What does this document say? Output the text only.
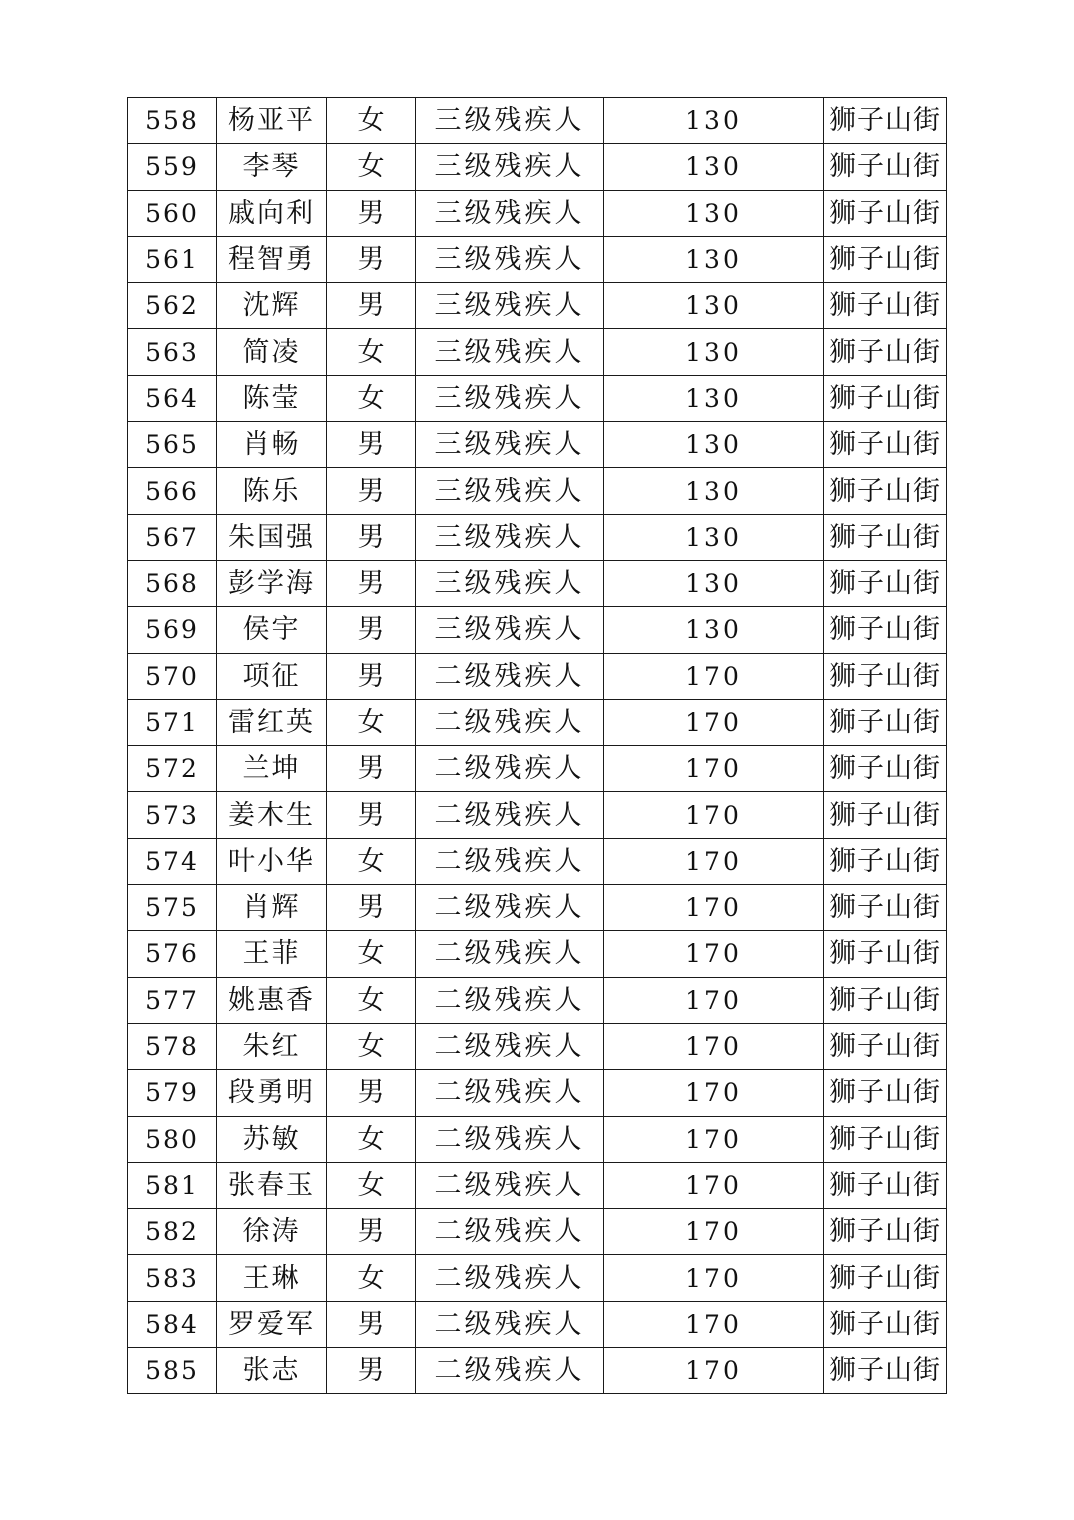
558	杨亚平	女	三级残疾人	130	狮子山街
559	李琴	女	三级残疾人	130	狮子山街
560	戚向利	男	三级残疾人	130	狮子山街
561	程智勇	男	三级残疾人	130	狮子山街
562	沈辉	男	三级残疾人	130	狮子山街
563	简凌	女	三级残疾人	130	狮子山街
564	陈莹	女	三级残疾人	130	狮子山街
565	肖畅	男	三级残疾人	130	狮子山街
566	陈乐	男	三级残疾人	130	狮子山街
567	朱国强	男	三级残疾人	130	狮子山街
568	彭学海	男	三级残疾人	130	狮子山街
569	侯宇	男	三级残疾人	130	狮子山街
570	项征	男	二级残疾人	170	狮子山街
571	雷红英	女	二级残疾人	170	狮子山街
572	兰坤	男	二级残疾人	170	狮子山街
573	姜木生	男	二级残疾人	170	狮子山街
574	叶小华	女	二级残疾人	170	狮子山街
575	肖辉	男	二级残疾人	170	狮子山街
576	王菲	女	二级残疾人	170	狮子山街
577	姚惠香	女	二级残疾人	170	狮子山街
578	朱红	女	二级残疾人	170	狮子山街
579	段勇明	男	二级残疾人	170	狮子山街
580	苏敏	女	二级残疾人	170	狮子山街
581	张春玉	女	二级残疾人	170	狮子山街
582	徐涛	男	二级残疾人	170	狮子山街
583	王琳	女	二级残疾人	170	狮子山街
584	罗爱军	男	二级残疾人	170	狮子山街
585	张志	男	二级残疾人	170	狮子山街
